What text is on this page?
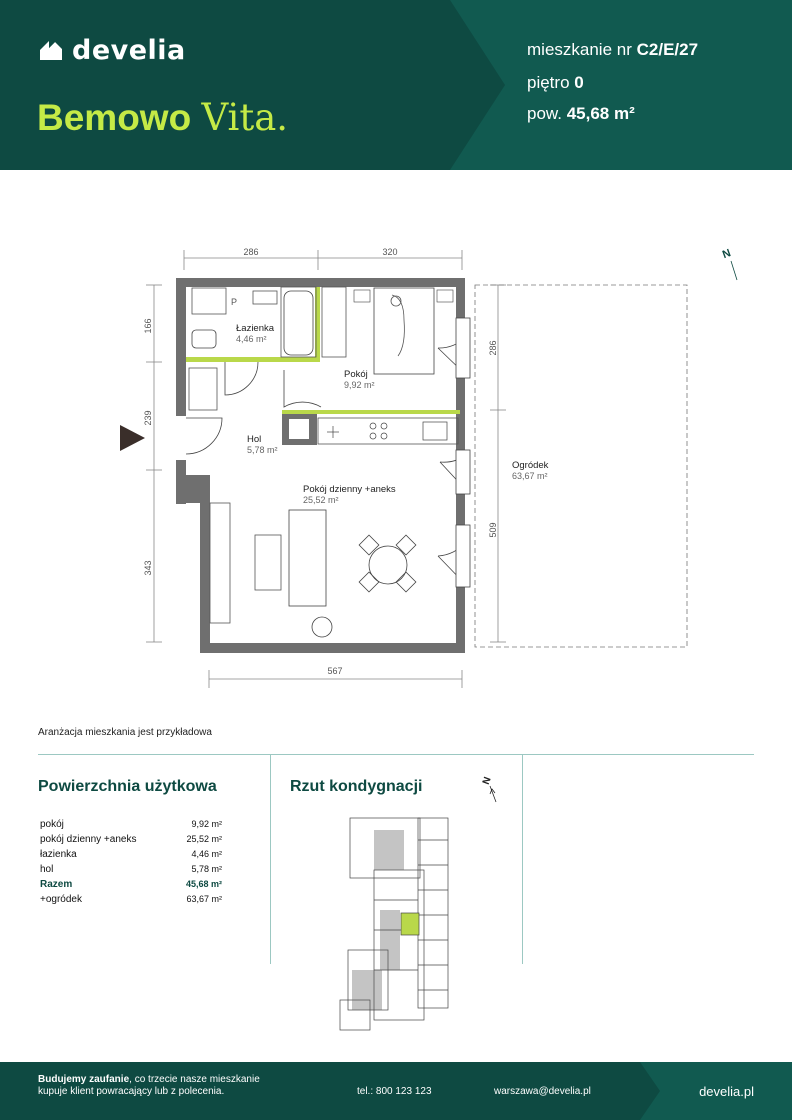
develia
Bemowo Vita.
mieszkanie nr C2/E/27
piętro 0
pow. 45,68 m²
286	320
567
166
239
343
286
509
P
N
Łazienka
4,46 m²
Pokój
9,92 m²
Hol
5,78 m²
Pokój dzienny +aneks
25,52 m²
Ogródek
63,67 m²
Aranżacja mieszkania jest przykładowa
Powierzchnia użytkowa
pokój	9,92 m²
pokój dzienny +aneks	25,52 m²
łazienka	4,46 m²
hol	5,78 m²
Razem	45,68 m²
+ogródek	63,67 m²
Rzut kondygnacji	N
Budujemy zaufanie, co trzecie nasze mieszkanie
kupuje klient powracający lub z polecenia.	tel.: 800 123 123	warszawa@develia.pl	develia.pl
